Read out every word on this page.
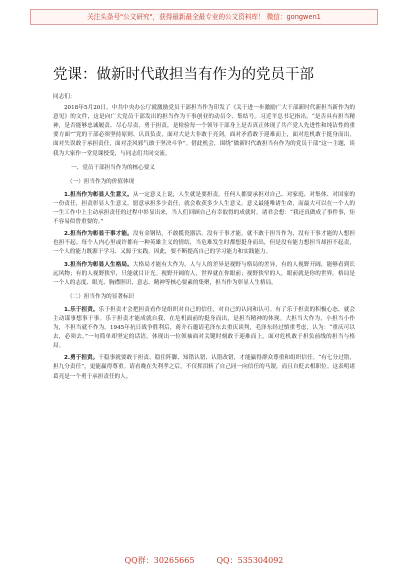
关注头条号"公文研究"，获得最新最全最专业的公文资料库！ 微信：gongwen1
党课：做新时代敢担当有作为的党员干部

同志们：

2018年5月20日，中共中央办公厅就激励党员干部担当作为印发了《关于进一步激励广大干部新时代新担当新作为的意见》的文件，这是向广大党员干部发出的担当作为干事创业的动员令、集结号。习近平总书记指出，“是否具有担当精神，是否能够忠诚履责、尽心尽责、勇于担责，是检验每一个领导干部身上是否真正体现了共产党人先进性和纯洁性的重要方面”“党的干部必须坚持原则、认真负责，面对大是大非敢于亮剑，面对矛盾敢于迎难而上，面对危机敢于挺身而出，面对失误敢于承担责任，面对歪风邪气敢于坚决斗争”。借此机会，围绕“做新时代敢担当有作为的党员干部”这一主题，谈我为大家作一堂党课授受，与同志们共同交流。

一、党员干部担当作为的核心要义

（一）担当作为的价值体现

1.担当作为彰显人生意义。从一定意义上说，人生就是要担责。任何人都要承担对自己、对家庭、对集体、对国家的一份责任，担责彰显人生意义。愿意承担多少责任，就会收获多少人生意义。意义最能唯诸生命，而最大可以在一个人的一生工作中上主动承担责任的过程中彰显出来，当人们回顾自己有幸取得的成就时，诸君会想：“我还真做成了事件事，矩不容易似曾重要的。”

2.担当作为彰显干事才能。没有金钢钻，不敢揽瓷器活。没有干事才能，就不敢于担当作为，没有干事才能的人想担也担不起。每个人内心里或许都有一种英雄主义的情结，当危难发生时都想挺身而出，但是没有能力想担当却担不起责，一个人的能力既源于学习、又源于实践。因此，要不断提高自己的学习能力和实践能力。

3.担当作为彰显人生格局。大格局才能有大作为。人与人的差异是视野与格局的差异，有的人视野开阔，能够看到长远风物；有的人视野狭窄，只能就目计光。视野开阔的人，世界就在你眼前；视野狭窄的人，眼前就是你的世界。格局是一个人的志度、眼光、胸襟胆识、意志、精神等核心要素的集聚，担当作为彰显人生格局。

（二）担当作为的显著标识

1.乐于担责。乐于担责才会把担责看作是组织对自己的信任，对自己的认同和认可。有了乐于担责的积极心态，就会主动谋事想事干事。乐于担责才能成就自我，在危机面前的挺身而出，是担当精神的体现。大担当大作为，小担当小作为，不担当就不作为。1945年抗日战争胜利后，蒋介石邀请毛泽东去重庆谈判，毛泽东经过慎重考虑，认为：“重庆可以去，必须去，”一句简单却坚定的话语，体现出一位领袖面对关键时刻敢于迎难而上，面对危机敢于担负前线的担当与格局。

2.勇于担责。干稳事就要敢于担责、稳住阵脚、知错认错、认错改错，才能赢得群众尊重和组织信任。“有七分过错，担九分责任”，更能赢得尊重。请看晚在失利孝之后，不仅挥泪斩了自己同一向信任的马谡，而且自贬去相职位。这表明诸葛亮是一个勇于承担责任的人。

QQ群：30265665	QQ：535304092
